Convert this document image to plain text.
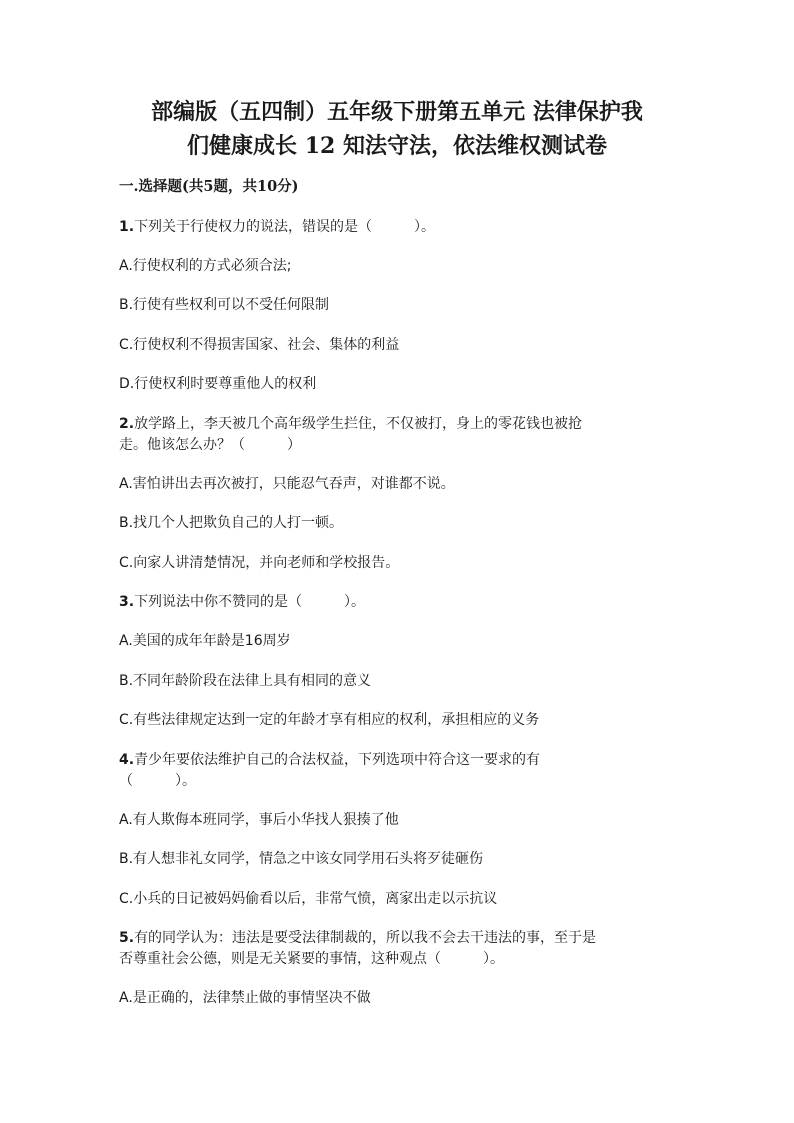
部编版（五四制）五年级下册第五单元 法律保护我
们健康成长 12 知法守法，依法维权测试卷
一.选择题(共5题，共10分)
1.下列关于行使权力的说法，错误的是（　　　）。
A.行使权利的方式必须合法;
B.行使有些权利可以不受任何限制
C.行使权利不得损害国家、社会、集体的利益
D.行使权利时要尊重他人的权利
2.放学路上，李天被几个高年级学生拦住，不仅被打，身上的零花钱也被抢
走。他该怎么办？（　　　）
A.害怕讲出去再次被打，只能忍气吞声，对谁都不说。
B.找几个人把欺负自己的人打一顿。
C.向家人讲清楚情况，并向老师和学校报告。
3.下列说法中你不赞同的是（　　　）。
A.美国的成年年龄是16周岁
B.不同年龄阶段在法律上具有相同的意义
C.有些法律规定达到一定的年龄才享有相应的权利，承担相应的义务
4.青少年要依法维护自己的合法权益，下列选项中符合这一要求的有
（　　　）。
A.有人欺侮本班同学，事后小华找人狠揍了他
B.有人想非礼女同学，情急之中该女同学用石头将歹徒砸伤
C.小兵的日记被妈妈偷看以后，非常气愤，离家出走以示抗议
5.有的同学认为：违法是要受法律制裁的，所以我不会去干违法的事，至于是
否尊重社会公德，则是无关紧要的事情，这种观点（　　　）。
A.是正确的，法律禁止做的事情坚决不做
